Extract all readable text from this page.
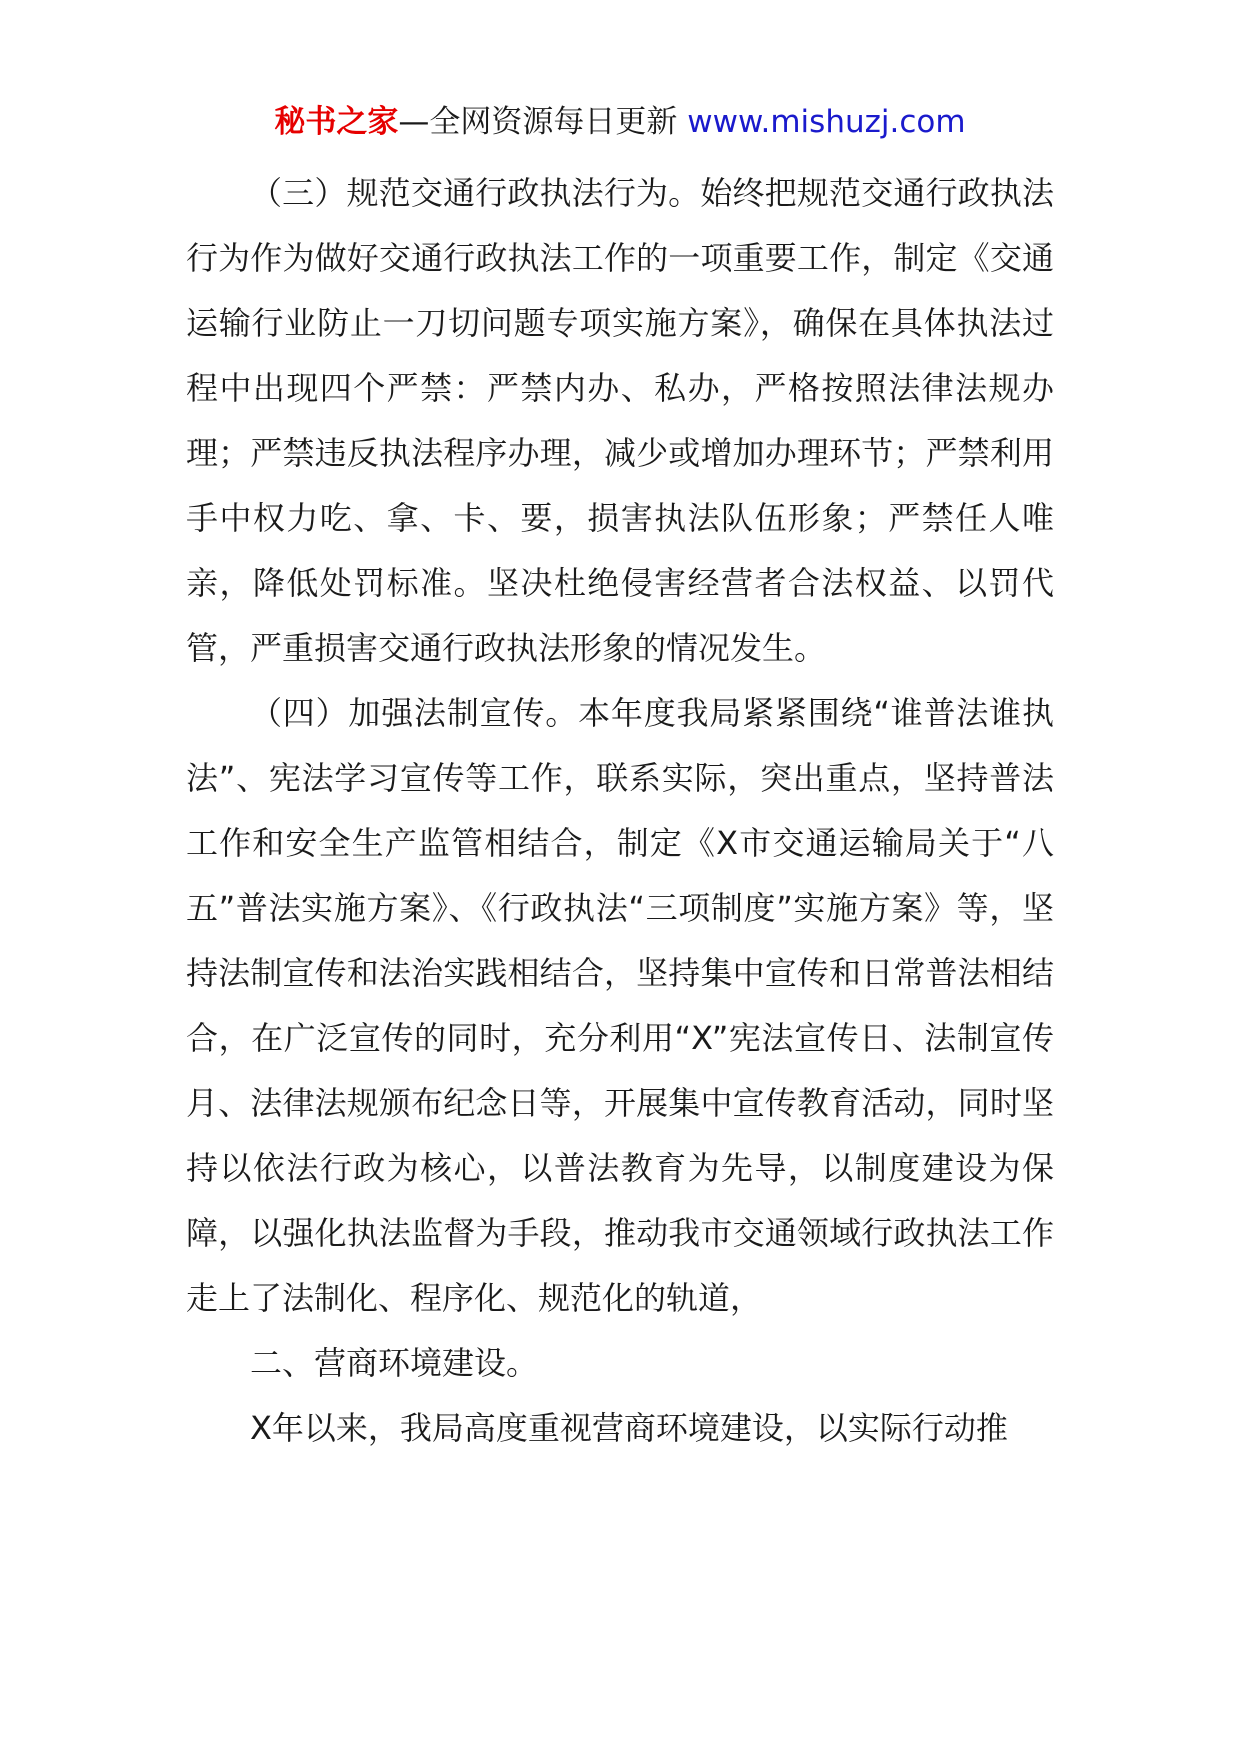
秘书之家—全网资源每日更新 www.mishuzj.com

（三）规范交通行政执法行为。始终把规范交通行政执法行为作为做好交通行政执法工作的一项重要工作，制定《交通运输行业防止一刀切问题专项实施方案》，确保在具体执法过程中出现四个严禁：严禁内办、私办，严格按照法律法规办理；严禁违反执法程序办理，减少或增加办理环节；严禁利用手中权力吃、拿、卡、要，损害执法队伍形象；严禁任人唯亲，降低处罚标准。坚决杜绝侵害经营者合法权益、以罚代管，严重损害交通行政执法形象的情况发生。

（四）加强法制宣传。本年度我局紧紧围绕“谁普法谁执法”、宪法学习宣传等工作，联系实际，突出重点，坚持普法工作和安全生产监管相结合，制定《X市交通运输局关于“八五”普法实施方案》、《行政执法“三项制度”实施方案》等，坚持法制宣传和法治实践相结合，坚持集中宣传和日常普法相结合，在广泛宣传的同时，充分利用“X”宪法宣传日、法制宣传月、法律法规颁布纪念日等，开展集中宣传教育活动，同时坚持以依法行政为核心，以普法教育为先导，以制度建设为保障，以强化执法监督为手段，推动我市交通领域行政执法工作走上了法制化、程序化、规范化的轨道，

二、营商环境建设。

X年以来，我局高度重视营商环境建设，以实际行动推
